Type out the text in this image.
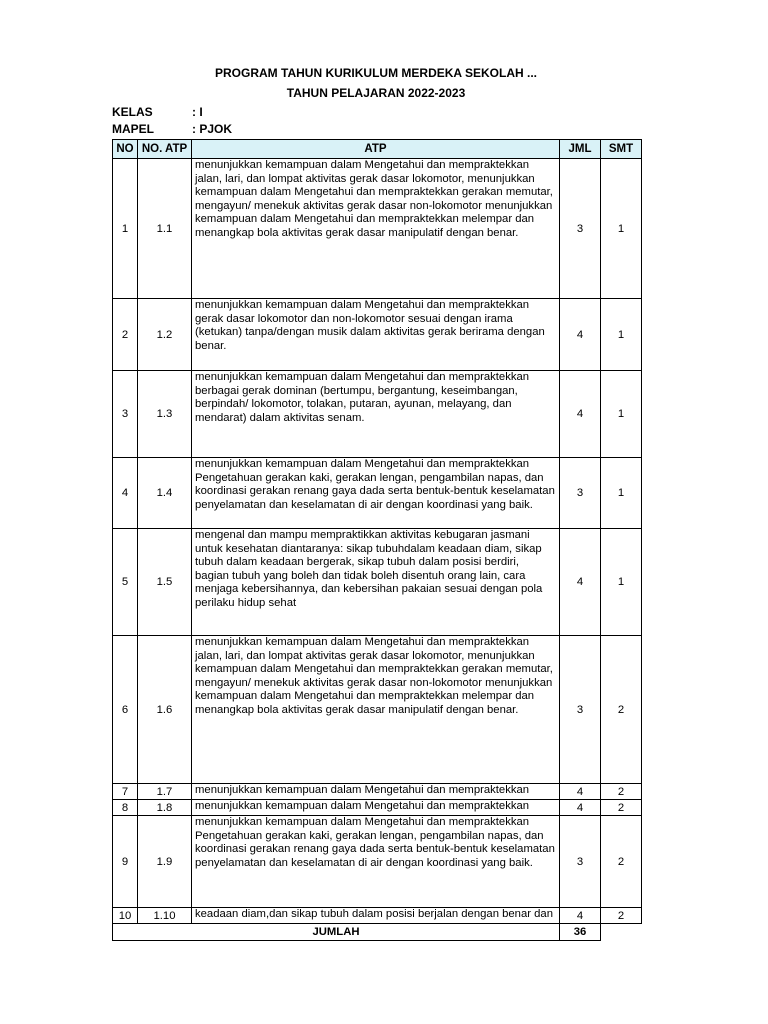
PROGRAM TAHUN KURIKULUM MERDEKA SEKOLAH ...
TAHUN PELAJARAN 2022-2023
KELAS	: I
MAPEL	: PJOK
NO	NO. ATP	ATP	JML	SMT
1	1.1	menunjukkan kemampuan dalam Mengetahui dan mempraktekkan jalan, lari, dan lompat aktivitas gerak dasar lokomotor, menunjukkan kemampuan dalam Mengetahui dan mempraktekkan gerakan memutar, mengayun/ menekuk aktivitas gerak dasar non-lokomotor menunjukkan kemampuan dalam Mengetahui dan mempraktekkan melempar dan menangkap bola aktivitas gerak dasar manipulatif dengan benar.	3	1
2	1.2	menunjukkan kemampuan dalam Mengetahui dan mempraktekkan gerak dasar lokomotor dan non-lokomotor sesuai dengan irama (ketukan) tanpa/dengan musik dalam aktivitas gerak berirama dengan benar.	4	1
3	1.3	menunjukkan kemampuan dalam Mengetahui dan mempraktekkan berbagai gerak dominan (bertumpu, bergantung, keseimbangan, berpindah/ lokomotor, tolakan, putaran, ayunan, melayang, dan mendarat) dalam aktivitas senam.	4	1
4	1.4	menunjukkan kemampuan dalam Mengetahui dan mempraktekkan Pengetahuan gerakan kaki, gerakan lengan, pengambilan napas, dan koordinasi gerakan renang gaya dada serta bentuk-bentuk keselamatan penyelamatan dan keselamatan di air dengan koordinasi yang baik.	3	1
5	1.5	mengenal dan mampu mempraktikkan aktivitas kebugaran jasmani untuk kesehatan diantaranya: sikap tubuhdalam keadaan diam, sikap tubuh dalam keadaan bergerak, sikap tubuh dalam posisi berdiri, bagian tubuh yang boleh dan tidak boleh disentuh orang lain, cara menjaga kebersihannya, dan kebersihan pakaian sesuai dengan pola perilaku hidup sehat	4	1
6	1.6	menunjukkan kemampuan dalam Mengetahui dan mempraktekkan jalan, lari, dan lompat aktivitas gerak dasar lokomotor, menunjukkan kemampuan dalam Mengetahui dan mempraktekkan gerakan memutar, mengayun/ menekuk aktivitas gerak dasar non-lokomotor menunjukkan kemampuan dalam Mengetahui dan mempraktekkan melempar dan menangkap bola aktivitas gerak dasar manipulatif dengan benar.	3	2
7	1.7	menunjukkan kemampuan dalam Mengetahui dan mempraktekkan	4	2
8	1.8	menunjukkan kemampuan dalam Mengetahui dan mempraktekkan	4	2
9	1.9	menunjukkan kemampuan dalam Mengetahui dan mempraktekkan Pengetahuan gerakan kaki, gerakan lengan, pengambilan napas, dan koordinasi gerakan renang gaya dada serta bentuk-bentuk keselamatan penyelamatan dan keselamatan di air dengan koordinasi yang baik.	3	2
10	1.10	keadaan diam,dan sikap tubuh dalam posisi berjalan dengan benar dan	4	2
JUMLAH			36	
